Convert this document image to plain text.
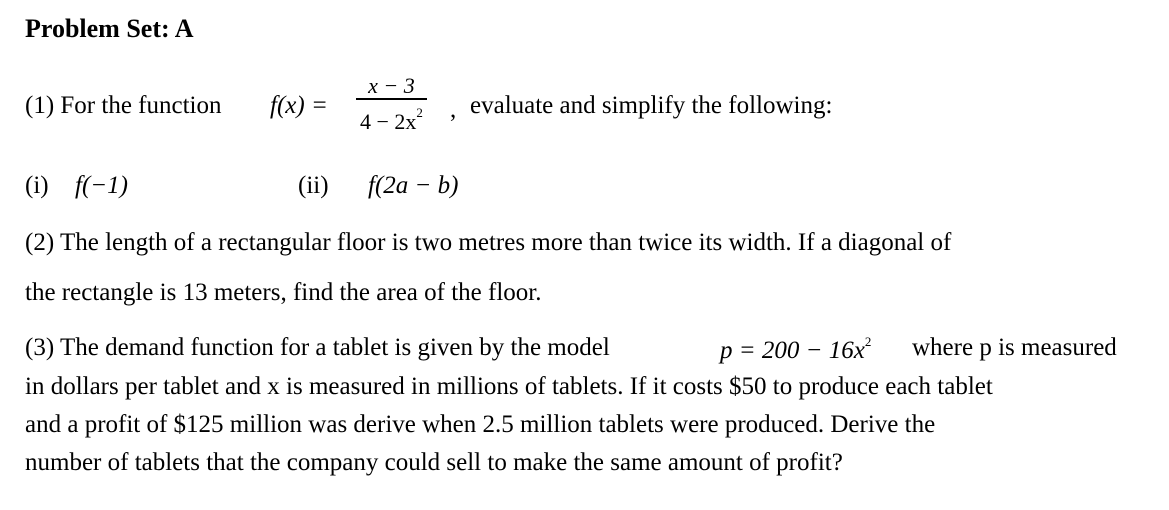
Problem Set: A
(1) For the function f(x) =
x − 3
$4 - 2x^2$ , evaluate and simplify the following:
(i) f(−1)	(ii) f(2a − b)
(2) The length of a rectangular floor is two metres more than twice its width. If a diagonal of
the rectangle is 13 meters, find the area of the floor.
(3) The demand function for a tablet is given by the model	$p = 200 - 16x^2$ where p is measured
in dollars per tablet and x is measured in millions of tablets. If it costs $50 to produce each tablet
and a profit of $125 million was derive when 2.5 million tablets were produced. Derive the
number of tablets that the company could sell to make the same amount of profit?
